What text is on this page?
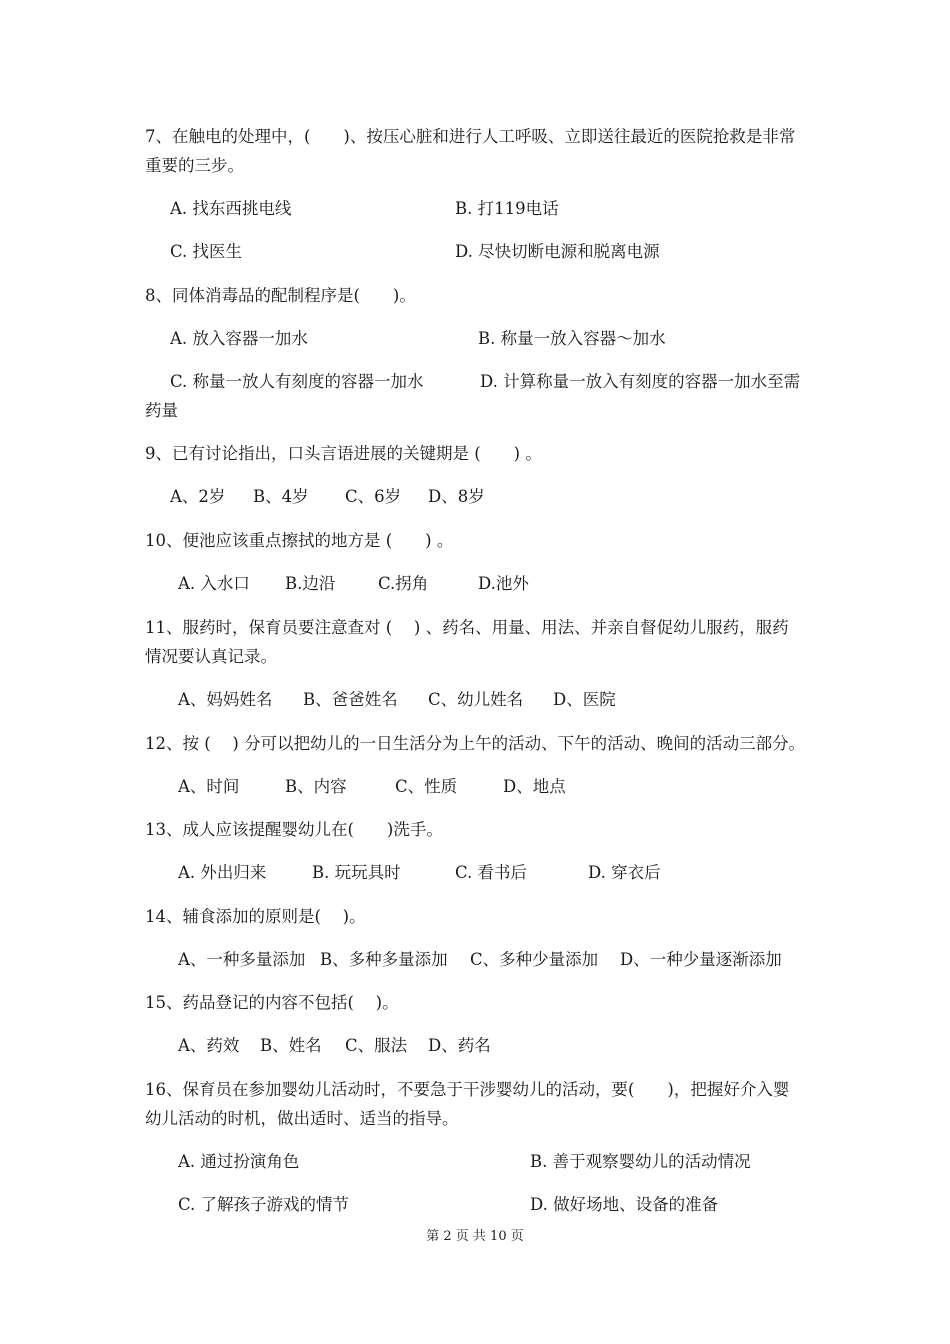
7、在触电的处理中，(　　)、按压心脏和进行人工呼吸、立即送往最近的医院抢救是非常
重要的三步。
A. 找东西挑电线	B. 打119电话
C. 找医生	D. 尽快切断电源和脱离电源
8、同体消毒品的配制程序是(　　)。
A. 放入容器一加水	B. 称量一放入容器～加水
C. 称量一放人有刻度的容器一加水	D. 计算称量一放入有刻度的容器一加水至需
药量
9、已有讨论指出，口头言语进展的关键期是 (　　) 。
A、2岁 B、4岁 C、6岁 D、8岁
10、便池应该重点擦拭的地方是 (　　) 。
A. 入水口 B.边沿	C.拐角	D.池外
11、服药时，保育员要注意查对 (　 ) 、药名、用量、用法、并亲自督促幼儿服药，服药
情况要认真记录。
A、妈妈姓名 B、爸爸姓名 C、幼儿姓名 D、医院
12、按 (　 ) 分可以把幼儿的一日生活分为上午的活动、下午的活动、晚间的活动三部分。
A、时间	B、内容	C、性质	D、地点
13、成人应该提醒婴幼儿在(　　)洗手。
A. 外出归来	B. 玩玩具时	C. 看书后	D. 穿衣后
14、辅食添加的原则是(　 )。
A、一种多量添加 B、多种多量添加 C、多种少量添加 D、一种少量逐渐添加
15、药品登记的内容不包括(　 )。
A、药效 B、姓名 C、服法 D、药名
16、保育员在参加婴幼儿活动时，不要急于干涉婴幼儿的活动，要(　　)，把握好介入婴
幼儿活动的时机，做出适时、适当的指导。
A. 通过扮演角色	B. 善于观察婴幼儿的活动情况
C. 了解孩子游戏的情节	D. 做好场地、设备的准备
第 2 页 共 10 页
